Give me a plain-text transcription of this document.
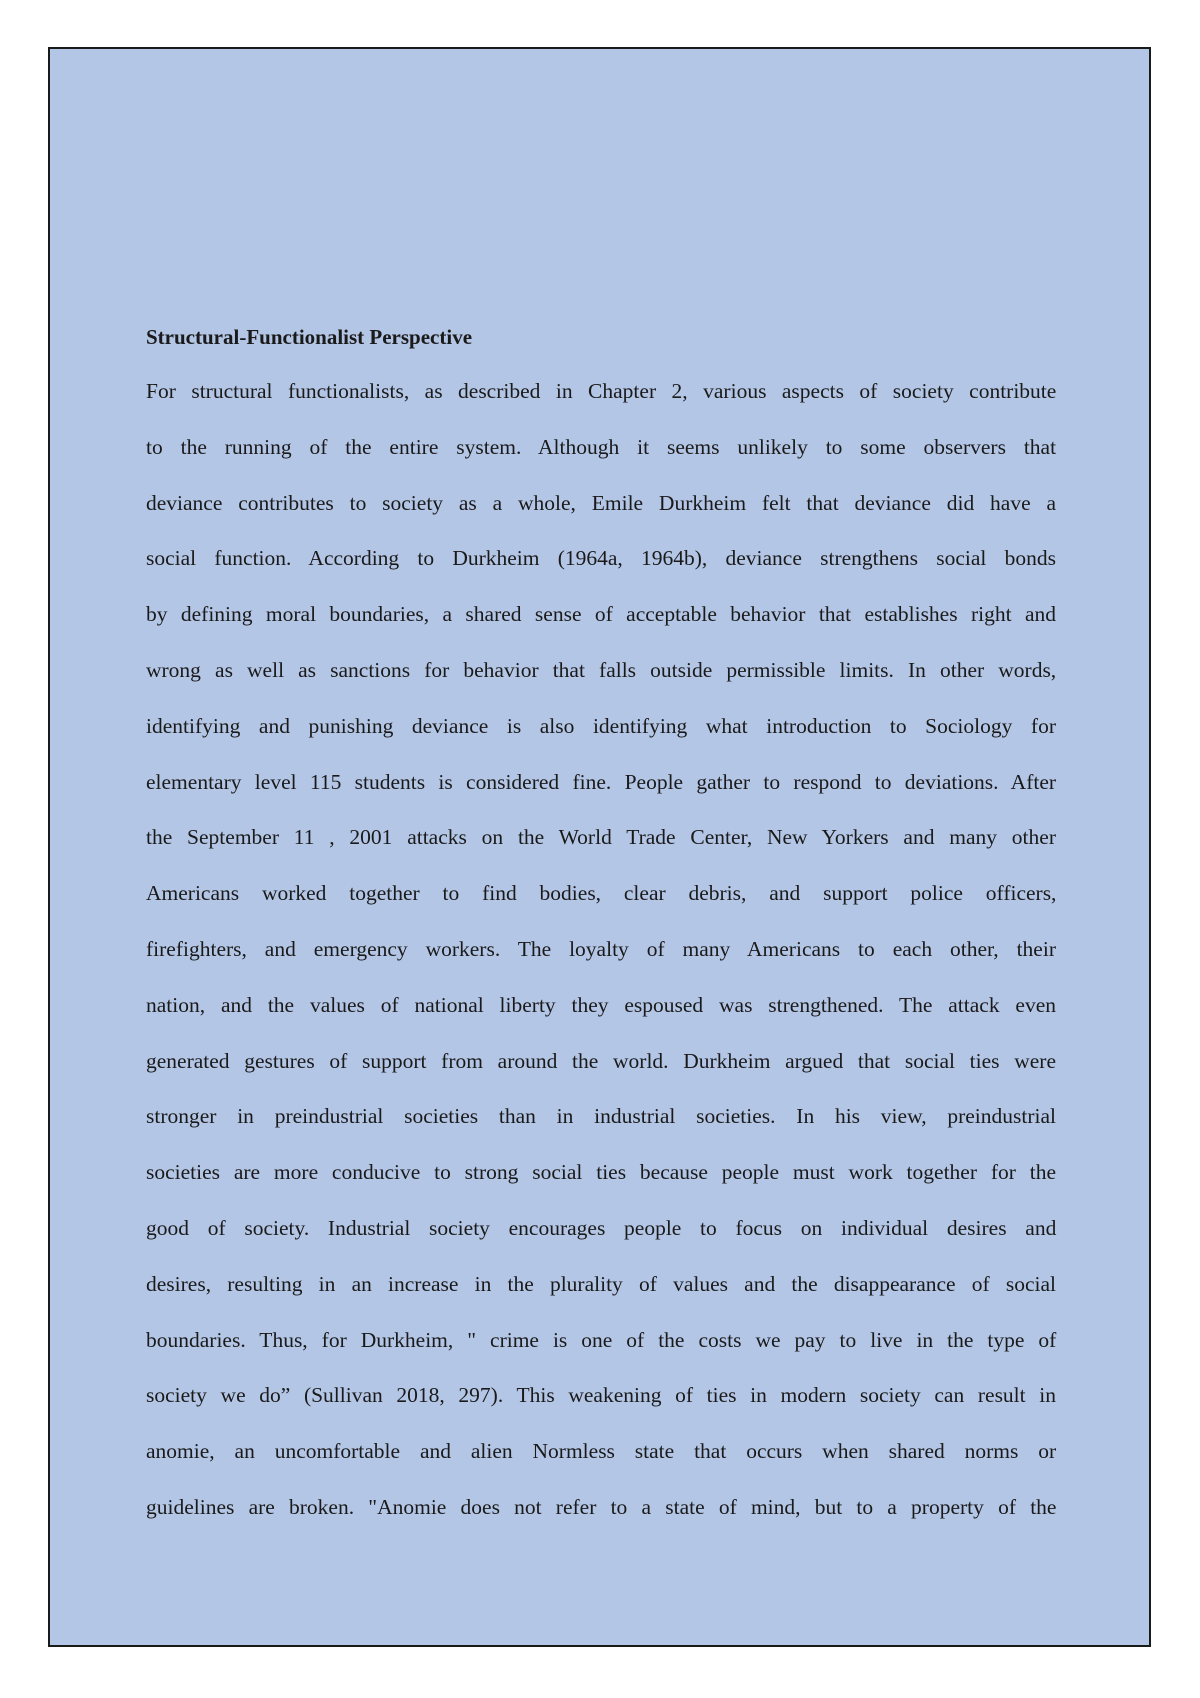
Structural-Functionalist Perspective
For structural functionalists, as described in Chapter 2, various aspects of society contribute
to the running of the entire system. Although it seems unlikely to some observers that
deviance contributes to society as a whole, Emile Durkheim felt that deviance did have a
social function. According to Durkheim (1964a, 1964b), deviance strengthens social bonds
by defining moral boundaries, a shared sense of acceptable behavior that establishes right and
wrong as well as sanctions for behavior that falls outside permissible limits. In other words,
identifying and punishing deviance is also identifying what introduction to Sociology for
elementary level 115 students is considered fine. People gather to respond to deviations. After
the September 11 , 2001 attacks on the World Trade Center, New Yorkers and many other
Americans worked together to find bodies, clear debris, and support police officers,
firefighters, and emergency workers. The loyalty of many Americans to each other, their
nation, and the values of national liberty they espoused was strengthened. The attack even
generated gestures of support from around the world. Durkheim argued that social ties were
stronger in preindustrial societies than in industrial societies. In his view, preindustrial
societies are more conducive to strong social ties because people must work together for the
good of society. Industrial society encourages people to focus on individual desires and
desires, resulting in an increase in the plurality of values and the disappearance of social
boundaries. Thus, for Durkheim, " crime is one of the costs we pay to live in the type of
society we do” (Sullivan 2018, 297). This weakening of ties in modern society can result in
anomie, an uncomfortable and alien Normless state that occurs when shared norms or
guidelines are broken. "Anomie does not refer to a state of mind, but to a property of the
